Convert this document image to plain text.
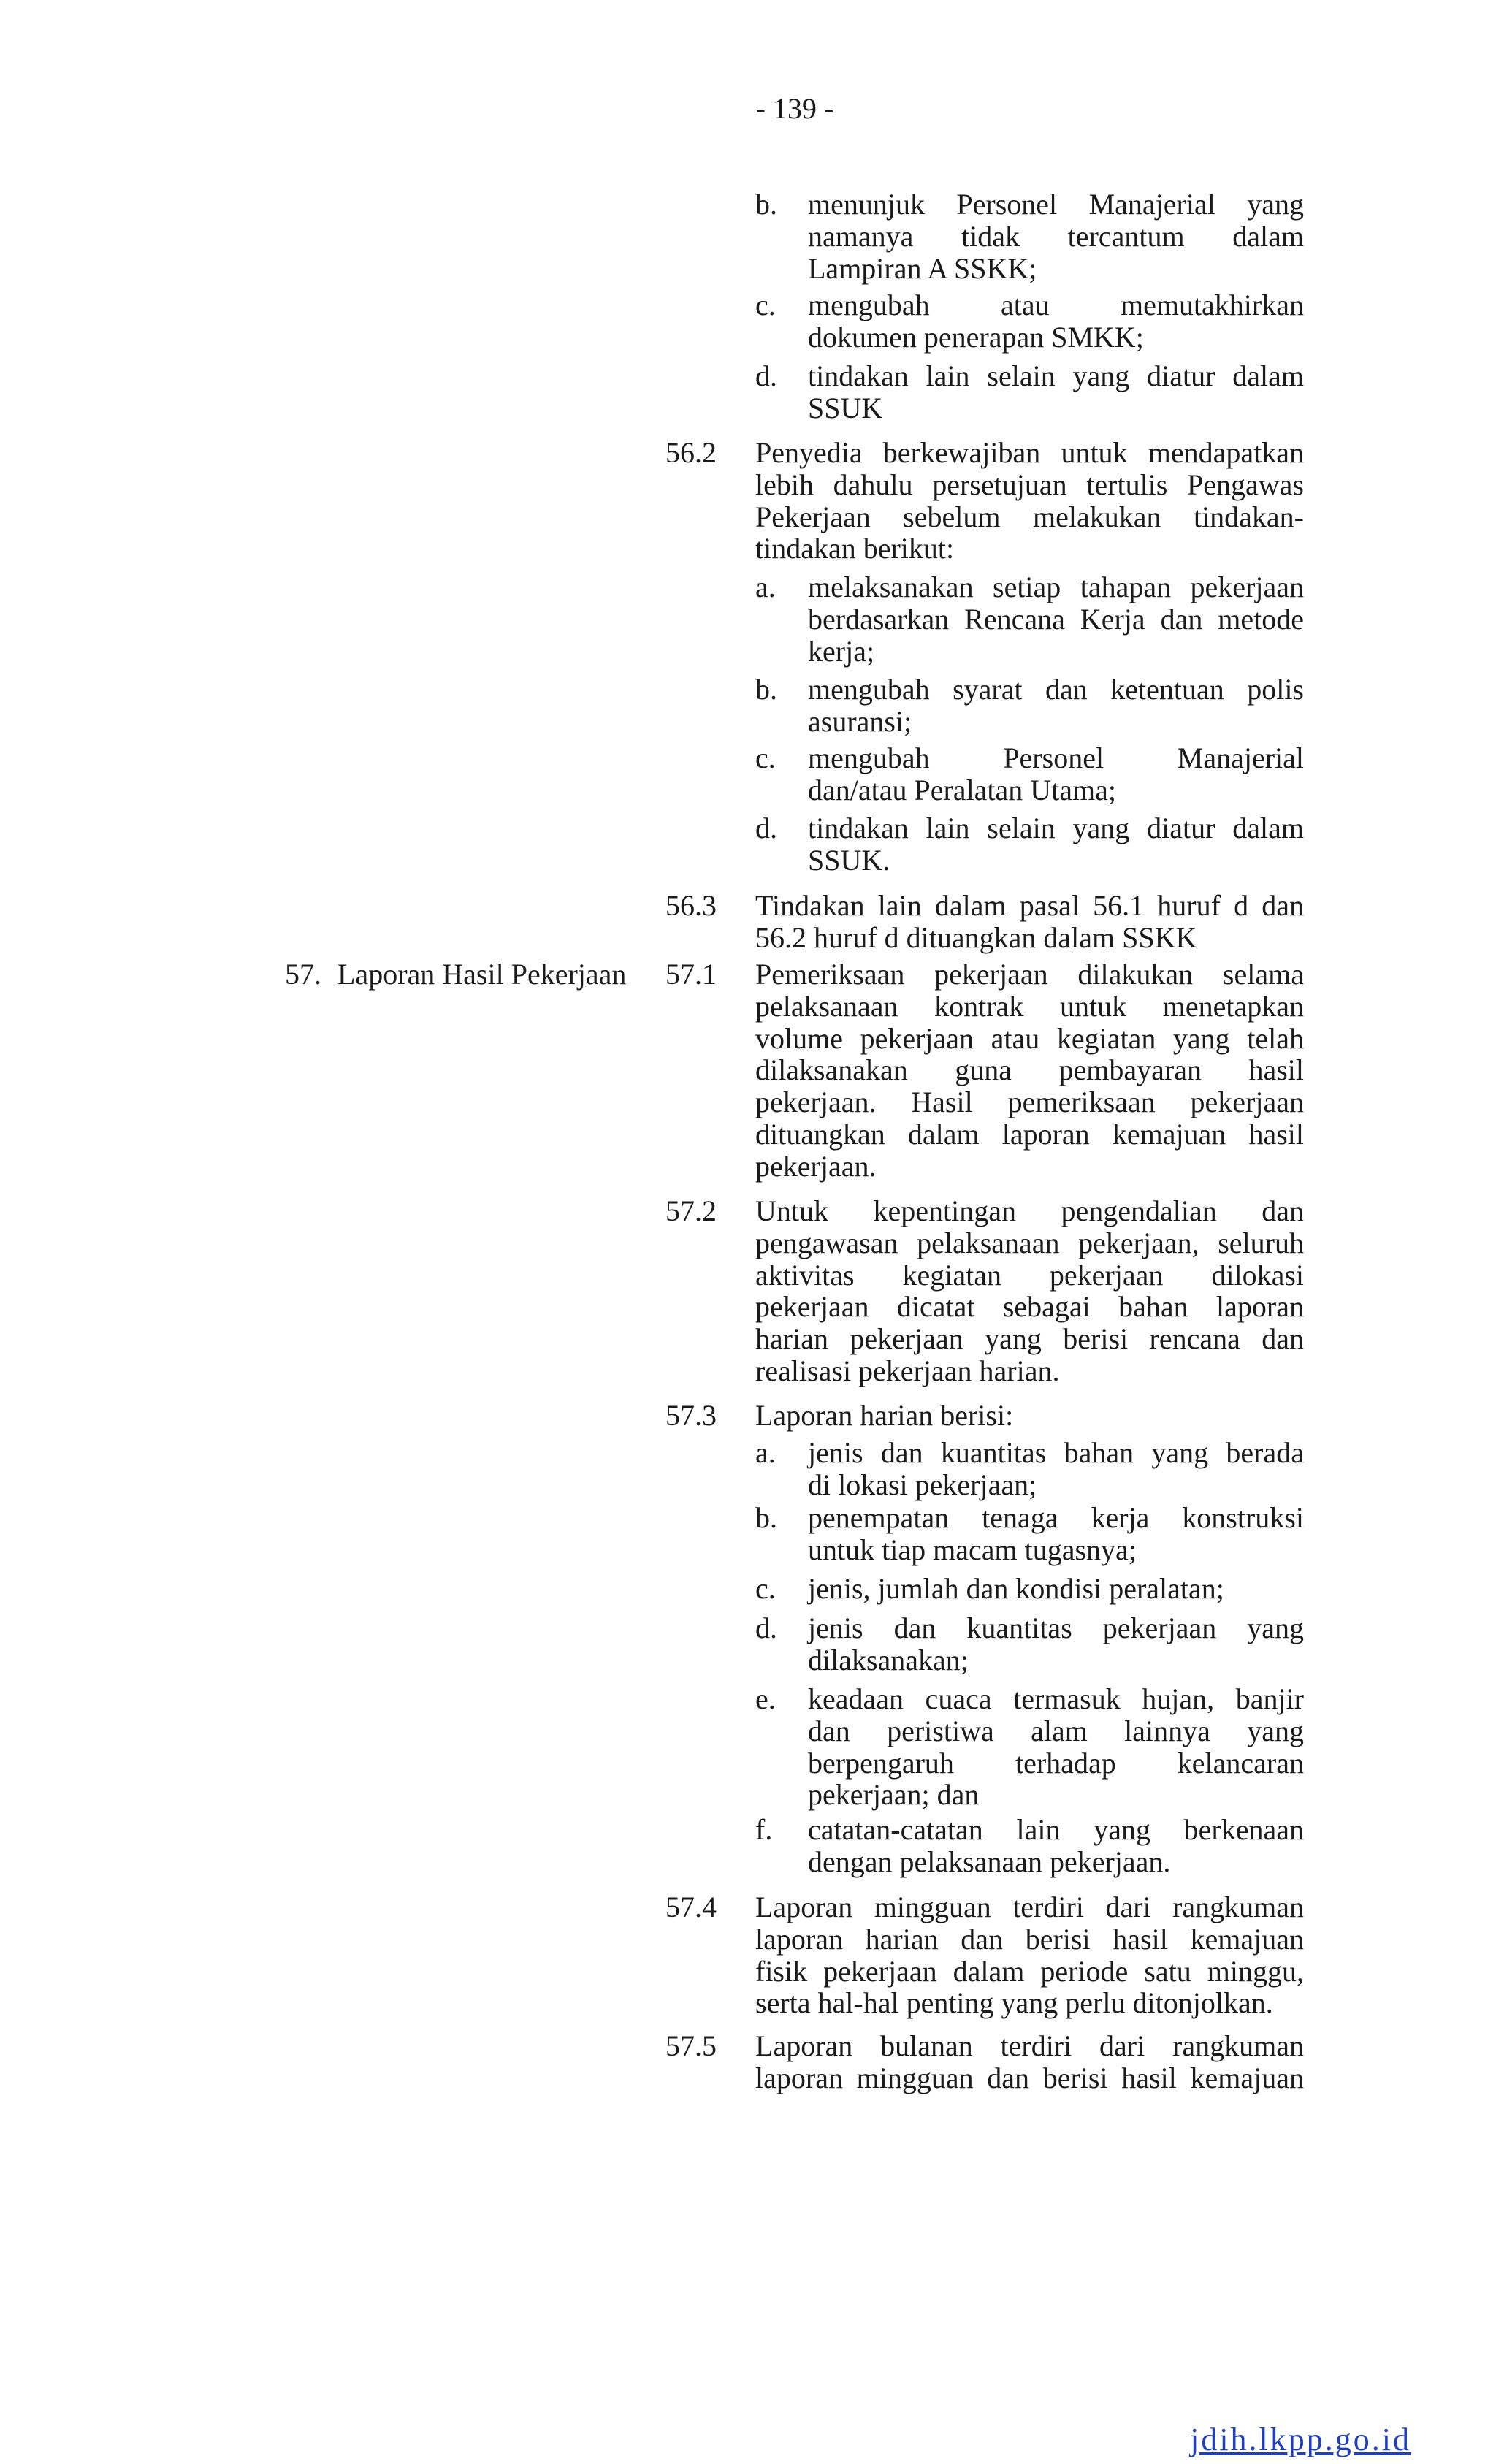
- 139 -
b. menunjuk Personel Manajerial yang
namanya tidak tercantum dalam
Lampiran A SSKK;
c. mengubah atau memutakhirkan
dokumen penerapan SMKK;
d. tindakan lain selain yang diatur dalam
SSUK
56.2 Penyedia berkewajiban untuk mendapatkan
lebih dahulu persetujuan tertulis Pengawas
Pekerjaan sebelum melakukan tindakan-
tindakan berikut:
a. melaksanakan setiap tahapan pekerjaan
berdasarkan Rencana Kerja dan metode
kerja;
b. mengubah syarat dan ketentuan polis
asuransi;
c. mengubah Personel Manajerial
dan/atau Peralatan Utama;
d. tindakan lain selain yang diatur dalam
SSUK.
56.3 Tindakan lain dalam pasal 56.1 huruf d dan
56.2 huruf d dituangkan dalam SSKK
57. Laporan Hasil Pekerjaan 57.1 Pemeriksaan pekerjaan dilakukan selama
pelaksanaan kontrak untuk menetapkan
volume pekerjaan atau kegiatan yang telah
dilaksanakan guna pembayaran hasil
pekerjaan. Hasil pemeriksaan pekerjaan
dituangkan dalam laporan kemajuan hasil
pekerjaan.
57.2 Untuk kepentingan pengendalian dan
pengawasan pelaksanaan pekerjaan, seluruh
aktivitas kegiatan pekerjaan dilokasi
pekerjaan dicatat sebagai bahan laporan
harian pekerjaan yang berisi rencana dan
realisasi pekerjaan harian.
57.3 Laporan harian berisi:
a. jenis dan kuantitas bahan yang berada
di lokasi pekerjaan;
b. penempatan tenaga kerja konstruksi
untuk tiap macam tugasnya;
c. jenis, jumlah dan kondisi peralatan;
d. jenis dan kuantitas pekerjaan yang
dilaksanakan;
e. keadaan cuaca termasuk hujan, banjir
dan peristiwa alam lainnya yang
berpengaruh terhadap kelancaran
pekerjaan; dan
f. catatan-catatan lain yang berkenaan
dengan pelaksanaan pekerjaan.
57.4 Laporan mingguan terdiri dari rangkuman
laporan harian dan berisi hasil kemajuan
fisik pekerjaan dalam periode satu minggu,
serta hal-hal penting yang perlu ditonjolkan.
57.5 Laporan bulanan terdiri dari rangkuman
laporan mingguan dan berisi hasil kemajuan
jdih.lkpp.go.id
